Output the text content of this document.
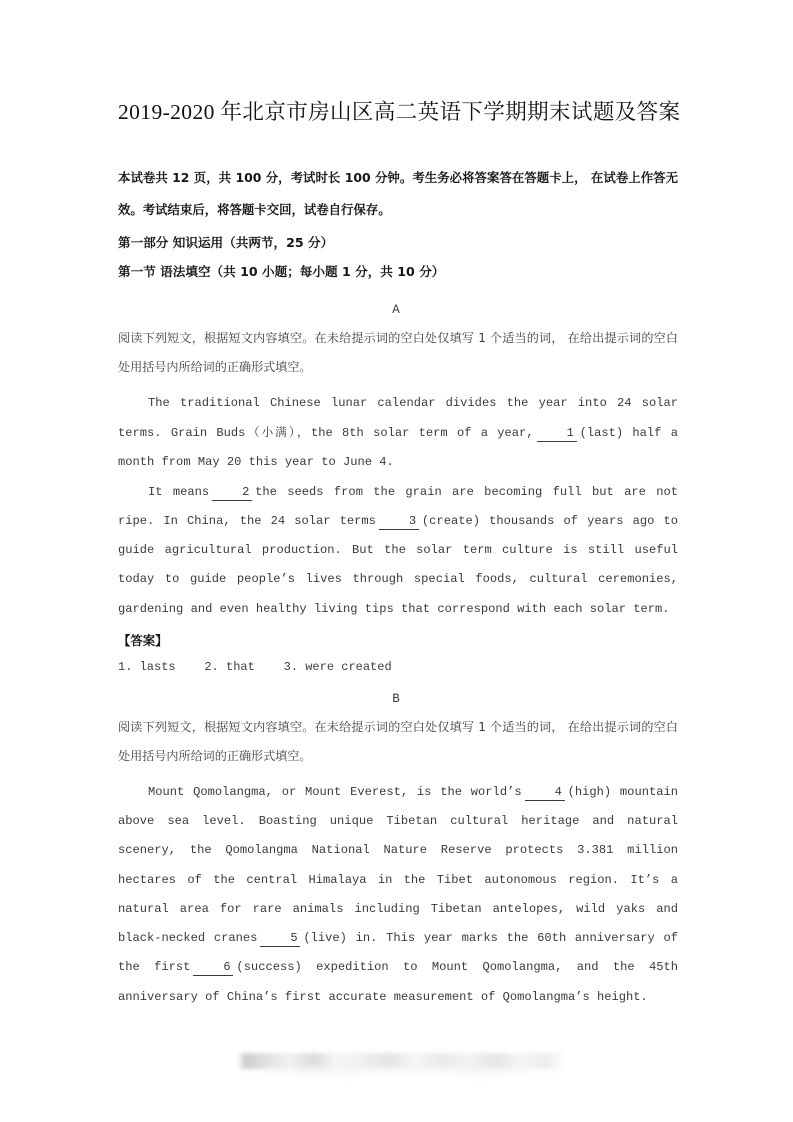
2019-2020 年北京市房山区高二英语下学期期末试题及答案

本试卷共 12 页，共 100 分，考试时长 100 分钟。考生务必将答案答在答题卡上， 在试卷上作答无效。考试结束后，将答题卡交回，试卷自行保存。

第一部分 知识运用（共两节，25 分）

第一节 语法填空（共 10 小题；每小题 1 分，共 10 分）

A

阅读下列短文，根据短文内容填空。在未给提示词的空白处仅填写 1 个适当的词， 在给出提示词的空白处用括号内所给词的正确形式填空。

The traditional Chinese lunar calendar divides the year into 24 solar terms. Grain Buds（小满），the 8th solar term of a year,	1 (last) half a month from May 20 this year to June 4.

It means	2 the seeds from the grain are becoming full but are not ripe. In China, the 24 solar terms	3 (create) thousands of years ago to guide agricultural production. But the solar term culture is still useful today to guide people’s lives through special foods, cultural ceremonies, gardening and even healthy living tips that correspond with each solar term.

【答案】

1. lasts    2. that    3. were created

B

阅读下列短文，根据短文内容填空。在未给提示词的空白处仅填写 1 个适当的词， 在给出提示词的空白处用括号内所给词的正确形式填空。

Mount Qomolangma, or Mount Everest, is the world’s	4 (high) mountain above sea level. Boasting unique Tibetan cultural heritage and natural scenery, the Qomolangma National Nature Reserve protects 3.381 million hectares of the central Himalaya in the Tibet autonomous region. It’s a natural area for rare animals including Tibetan antelopes, wild yaks and black-necked cranes	5 (live) in. This year marks the 60th anniversary of the first	6 (success) expedition to Mount Qomolangma, and the 45th anniversary of China’s first accurate measurement of Qomolangma’s height.
